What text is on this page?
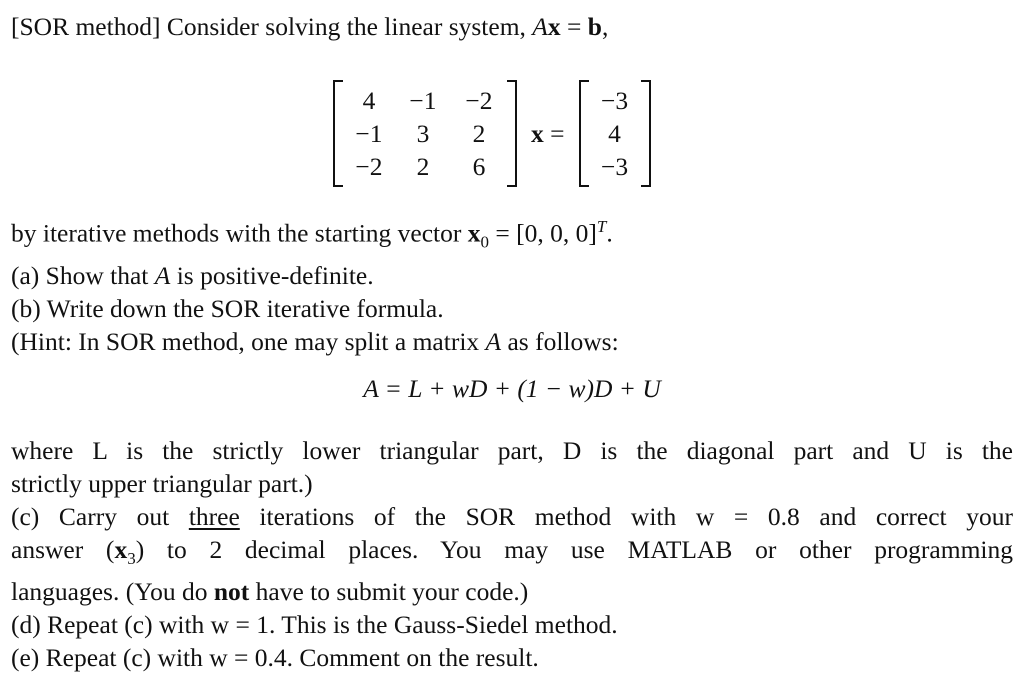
[SOR method] Consider solving the linear system, Ax = b,
4	−1	−2
−1	3	2
−2	2	6
x =
−3
4
−3
by iterative methods with the starting vector $x_0 = [0$, 0, 0]$^T$.
(a) Show that A is positive-definite.
(b) Write down the SOR iterative formula.
(Hint: In SOR method, one may split a matrix A as follows:
A = L + wD + (1 − w)D + U
where L is the strictly lower triangular part, D is the diagonal part and U is the
strictly upper triangular part.)
(c) Carry out three iterations of the SOR method with w = 0.8 and correct your
answer $(x_3)$ to 2 decimal places. You may use MATLAB or other programming
languages. (You do not have to submit your code.)
(d) Repeat (c) with w = 1. This is the Gauss-Siedel method.
(e) Repeat (c) with w = 0.4. Comment on the result.
